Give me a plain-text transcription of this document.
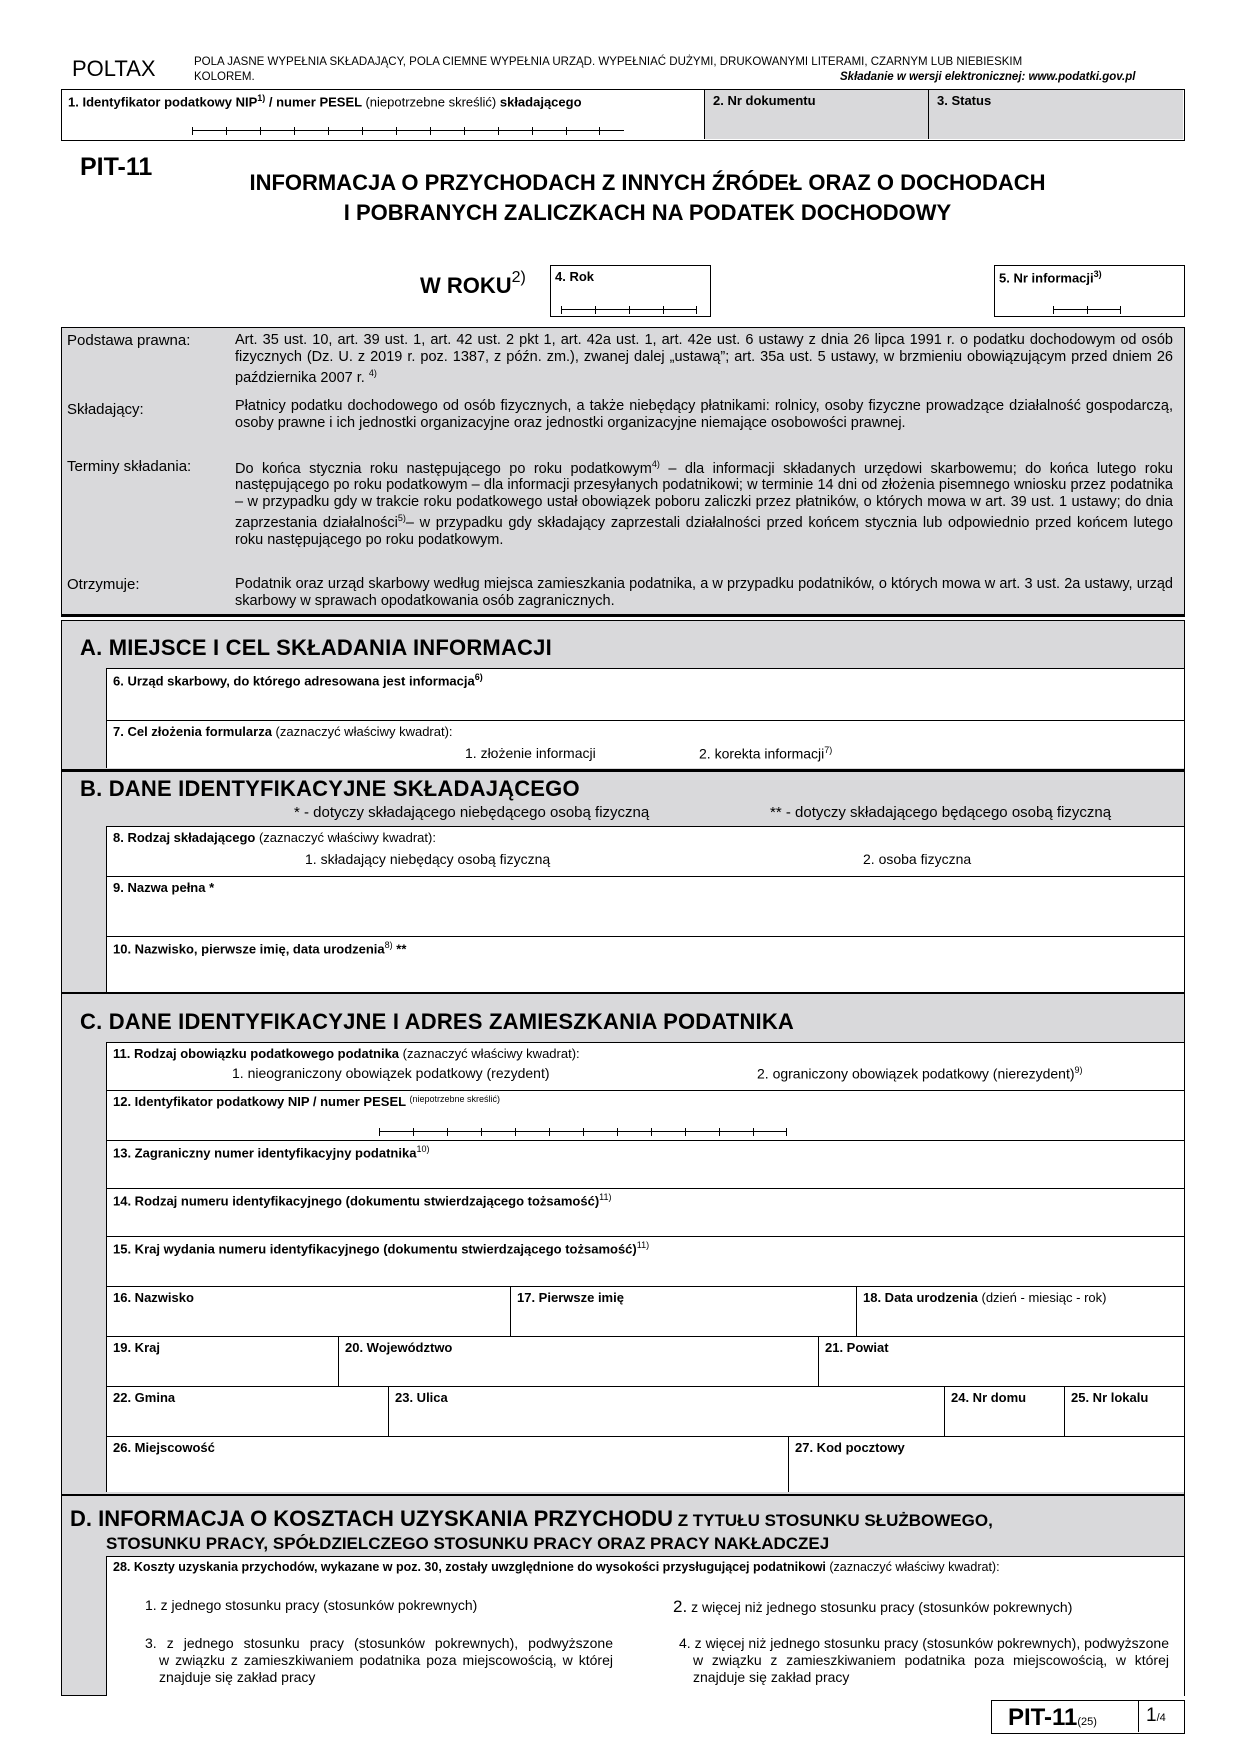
POLTAX	POLA JASNE WYPEŁNIA SKŁADAJĄCY, POLA CIEMNE WYPEŁNIA URZĄD. WYPEŁNIAĆ DUŻYMI, DRUKOWANYMI LITERAMI, CZARNYM LUB NIEBIESKIM
KOLOREM.	Składanie w wersji elektronicznej: www.podatki.gov.pl
1. Identyfikator podatkowy NIP$^{1)}$ / numer PESEL (niepotrzebne skreślić) składającego	2. Nr dokumentu	3. Status
PIT-11
INFORMACJA O PRZYCHODACH Z INNYCH ŹRÓDEŁ ORAZ O DOCHODACH
I POBRANYCH ZALICZKACH NA PODATEK DOCHODOWY
W ROKU$^{2)}$ 4. Rok	5. Nr informacji$^{3)}$
Podstawa prawna:	Art. 35 ust. 10, art. 39 ust. 1, art. 42 ust. 2 pkt 1, art. 42a ust. 1, art. 42e ust. 6 ustawy z dnia 26 lipca 1991 r. o podatku dochodowym od osób fizycznych (Dz. U. z 2019 r. poz. 1387, z późn. zm.), zwanej dalej „ustawą”; art. 35a ust. 5 ustawy, w brzmieniu obowiązującym przed dniem 26 października 2007 r. $^{4)}$
Składający:	Płatnicy podatku dochodowego od osób fizycznych, a także niebędący płatnikami: rolnicy, osoby fizyczne prowadzące działalność gospodarczą, osoby prawne i ich jednostki organizacyjne oraz jednostki organizacyjne niemające osobowości prawnej.
Terminy składania:	Do końca stycznia roku następującego po roku podatkowym$^{4)}$ – dla informacji składanych urzędowi skarbowemu; do końca lutego roku następującego po roku podatkowym – dla informacji przesyłanych podatnikowi; w terminie 14 dni od złożenia pisemnego wniosku przez podatnika – w przypadku gdy w trakcie roku podatkowego ustał obowiązek poboru zaliczki przez płatników, o których mowa w art. 39 ust. 1 ustawy; do dnia zaprzestania działalności$^{5)}$– w przypadku gdy składający zaprzestali działalności przed końcem stycznia lub odpowiednio przed końcem lutego roku następującego po roku podatkowym.
Otrzymuje:	Podatnik oraz urząd skarbowy według miejsca zamieszkania podatnika, a w przypadku podatników, o których mowa w art. 3 ust. 2a ustawy, urząd skarbowy w sprawach opodatkowania osób zagranicznych.
A. MIEJSCE I CEL SKŁADANIA INFORMACJI
6. Urząd skarbowy, do którego adresowana jest informacja$^{6)}$
7. Cel złożenia formularza (zaznaczyć właściwy kwadrat):
1. złożenie informacji	2. korekta informacji$^{7)}$
B. DANE IDENTYFIKACYJNE SKŁADAJĄCEGO
* - dotyczy składającego niebędącego osobą fizyczną	** - dotyczy składającego będącego osobą fizyczną
8. Rodzaj składającego (zaznaczyć właściwy kwadrat):
1. składający niebędący osobą fizyczną	2. osoba fizyczna
9. Nazwa pełna *
10. Nazwisko, pierwsze imię, data urodzenia$^{8)}$ **
C. DANE IDENTYFIKACYJNE I ADRES ZAMIESZKANIA PODATNIKA
11. Rodzaj obowiązku podatkowego podatnika (zaznaczyć właściwy kwadrat):
1. nieograniczony obowiązek podatkowy (rezydent)	2. ograniczony obowiązek podatkowy (nierezydent)$^{9)}$
12. Identyfikator podatkowy NIP / numer PESEL $^{(niepotrzebne skreślić)}$
13. Zagraniczny numer identyfikacyjny podatnika$^{10)}$
14. Rodzaj numeru identyfikacyjnego (dokumentu stwierdzającego tożsamość)$^{11)}$
15. Kraj wydania numeru identyfikacyjnego (dokumentu stwierdzającego tożsamość)$^{11)}$
16. Nazwisko	17. Pierwsze imię	18. Data urodzenia (dzień - miesiąc - rok)
19. Kraj	20. Województwo	21. Powiat
22. Gmina	23. Ulica	24. Nr domu	25. Nr lokalu
26. Miejscowość	27. Kod pocztowy
D. INFORMACJA O KOSZTACH UZYSKANIA PRZYCHODU Z TYTUŁU STOSUNKU SŁUŻBOWEGO,
STOSUNKU PRACY, SPÓŁDZIELCZEGO STOSUNKU PRACY ORAZ PRACY NAKŁADCZEJ
28. Koszty uzyskania przychodów, wykazane w poz. 30, zostały uwzględnione do wysokości przysługującej podatnikowi (zaznaczyć właściwy kwadrat):
1. z jednego stosunku pracy (stosunków pokrewnych)	2. z więcej niż jednego stosunku pracy (stosunków pokrewnych)
3. z jednego stosunku pracy (stosunków pokrewnych), podwyższone
w związku z zamieszkiwaniem podatnika poza miejscowością, w której
znajduje się zakład pracy
4. z więcej niż jednego stosunku pracy (stosunków pokrewnych), podwyższone
w związku z zamieszkiwaniem podatnika poza miejscowością, w której
znajduje się zakład pracy
PIT-11(25)	1/4
